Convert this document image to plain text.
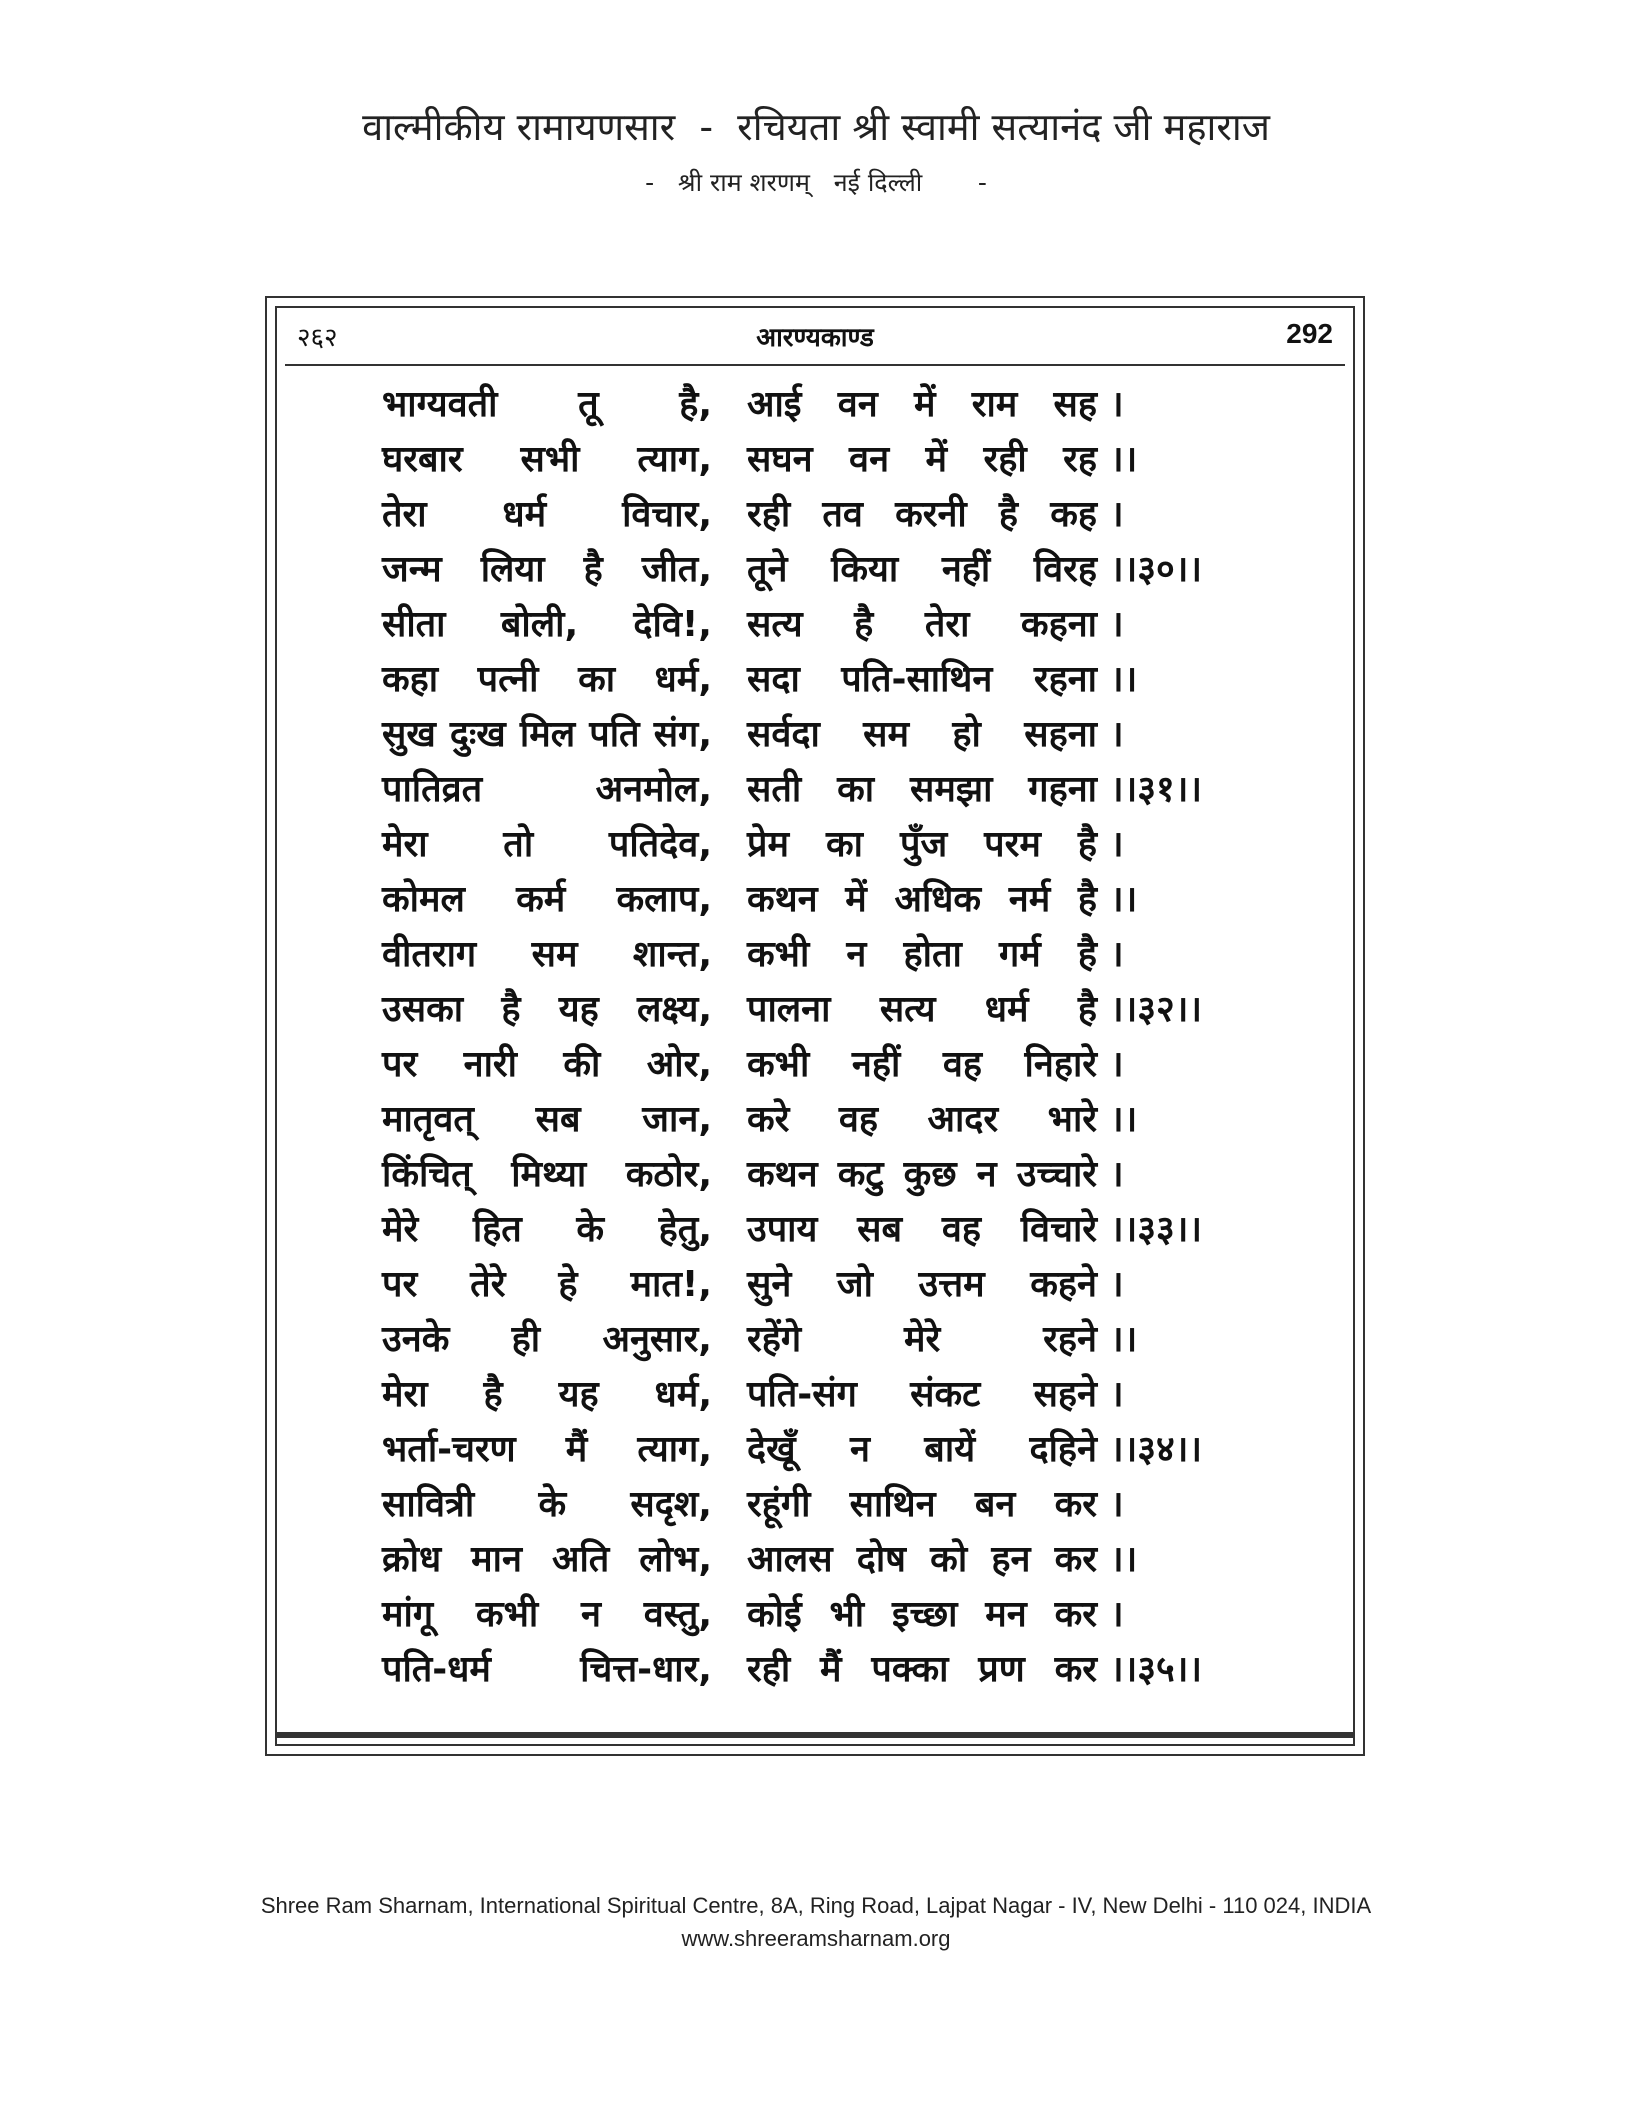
वाल्मीकीय रामायणसार  -  रचियता श्री स्वामी सत्यानंद जी महाराज
-   श्री राम शरणम्   नई दिल्ली       -
२६२	आरण्यकाण्ड	292
भाग्यवती तू है, आई वन में राम सह ।
घरबार सभी त्याग, सघन वन में रही रह ।।
तेरा धर्म विचार, रही तव करनी है कह ।
जन्म लिया है जीत, तूने किया नहीं विरह ।।३०।।
सीता बोली, देवि!, सत्य है तेरा कहना ।
कहा पत्नी का धर्म, सदा पति-साथिन रहना ।।
सुख दुःख मिल पति संग, सर्वदा सम हो सहना ।
पातिव्रत अनमोल, सती का समझा गहना ।।३१।।
मेरा तो पतिदेव, प्रेम का पुँज परम है ।
कोमल कर्म कलाप, कथन में अधिक नर्म है ।।
वीतराग सम शान्त, कभी न होता गर्म है ।
उसका है यह लक्ष्य, पालना सत्य धर्म है ।।३२।।
पर नारी की ओर, कभी नहीं वह निहारे ।
मातृवत् सब जान, करे वह आदर भारे ।।
किंचित् मिथ्या कठोर, कथन कटु कुछ न उच्चारे ।
मेरे हित के हेतु, उपाय सब वह विचारे ।।३३।।
पर तेरे हे मात!, सुने जो उत्तम कहने ।
उनके ही अनुसार, रहेंगे मेरे रहने ।।
मेरा है यह धर्म, पति-संग संकट सहने ।
भर्ता-चरण मैं त्याग, देखूँ न बायें दहिने ।।३४।।
सावित्री के सदृश, रहूंगी साथिन बन कर ।
क्रोध मान अति लोभ, आलस दोष को हन कर ।।
मांगू कभी न वस्तु, कोई भी इच्छा मन कर ।
पति-धर्म चित्त-धार, रही मैं पक्का प्रण कर ।।३५।।
Shree Ram Sharnam, International Spiritual Centre, 8A, Ring Road, Lajpat Nagar - IV, New Delhi - 110 024, INDIA
www.shreeramsharnam.org
